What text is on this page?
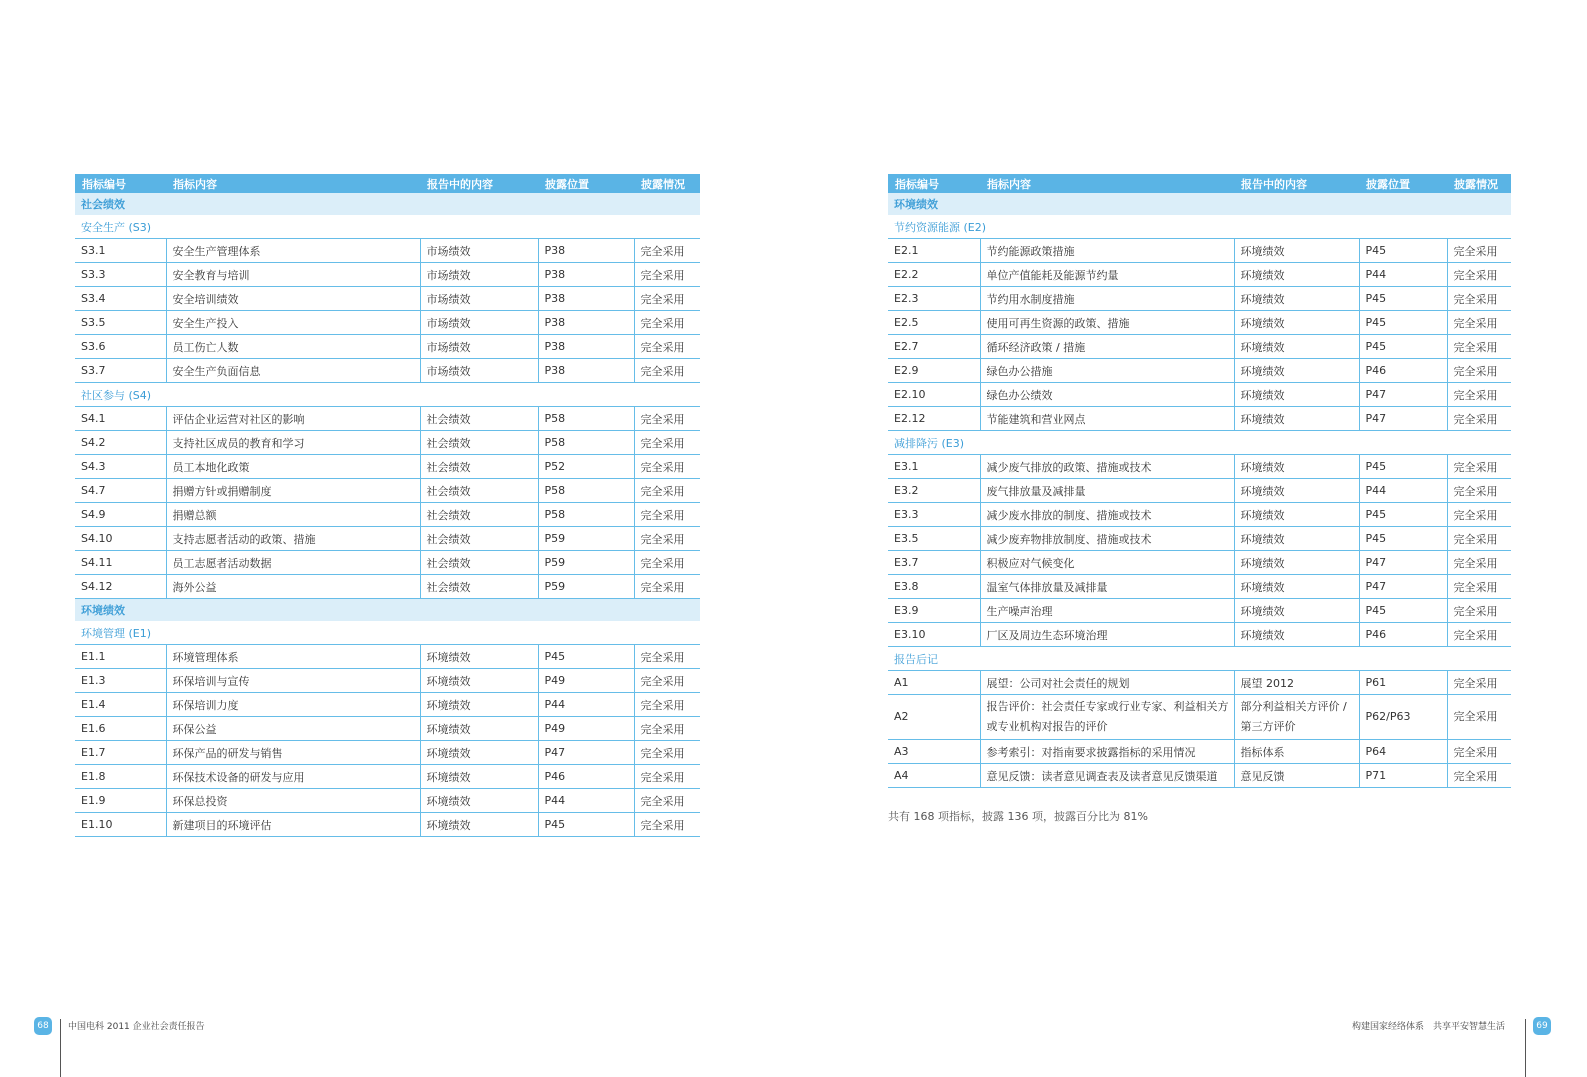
指标编号	指标内容	报告中的内容	披露位置	披露情况
社会绩效				
安全生产 (S3)				
S3.1	安全生产管理体系	市场绩效	P38	完全采用
S3.3	安全教育与培训	市场绩效	P38	完全采用
S3.4	安全培训绩效	市场绩效	P38	完全采用
S3.5	安全生产投入	市场绩效	P38	完全采用
S3.6	员工伤亡人数	市场绩效	P38	完全采用
S3.7	安全生产负面信息	市场绩效	P38	完全采用
社区参与 (S4)				
S4.1	评估企业运营对社区的影响	社会绩效	P58	完全采用
S4.2	支持社区成员的教育和学习	社会绩效	P58	完全采用
S4.3	员工本地化政策	社会绩效	P52	完全采用
S4.7	捐赠方针或捐赠制度	社会绩效	P58	完全采用
S4.9	捐赠总额	社会绩效	P58	完全采用
S4.10	支持志愿者活动的政策、措施	社会绩效	P59	完全采用
S4.11	员工志愿者活动数据	社会绩效	P59	完全采用
S4.12	海外公益	社会绩效	P59	完全采用
环境绩效				
环境管理 (E1)				
E1.1	环境管理体系	环境绩效	P45	完全采用
E1.3	环保培训与宣传	环境绩效	P49	完全采用
E1.4	环保培训力度	环境绩效	P44	完全采用
E1.6	环保公益	环境绩效	P49	完全采用
E1.7	环保产品的研发与销售	环境绩效	P47	完全采用
E1.8	环保技术设备的研发与应用	环境绩效	P46	完全采用
E1.9	环保总投资	环境绩效	P44	完全采用
E1.10	新建项目的环境评估	环境绩效	P45	完全采用
指标编号	指标内容	报告中的内容	披露位置	披露情况
环境绩效				
节约资源能源 (E2)				
E2.1	节约能源政策措施	环境绩效	P45	完全采用
E2.2	单位产值能耗及能源节约量	环境绩效	P44	完全采用
E2.3	节约用水制度措施	环境绩效	P45	完全采用
E2.5	使用可再生资源的政策、措施	环境绩效	P45	完全采用
E2.7	循环经济政策 / 措施	环境绩效	P45	完全采用
E2.9	绿色办公措施	环境绩效	P46	完全采用
E2.10	绿色办公绩效	环境绩效	P47	完全采用
E2.12	节能建筑和营业网点	环境绩效	P47	完全采用
减排降污 (E3)				
E3.1	减少废气排放的政策、措施或技术	环境绩效	P45	完全采用
E3.2	废气排放量及减排量	环境绩效	P44	完全采用
E3.3	减少废水排放的制度、措施或技术	环境绩效	P45	完全采用
E3.5	减少废弃物排放制度、措施或技术	环境绩效	P45	完全采用
E3.7	积极应对气候变化	环境绩效	P47	完全采用
E3.8	温室气体排放量及减排量	环境绩效	P47	完全采用
E3.9	生产噪声治理	环境绩效	P45	完全采用
E3.10	厂区及周边生态环境治理	环境绩效	P46	完全采用
报告后记				
A1	展望：公司对社会责任的规划	展望 2012	P61	完全采用
A2	报告评价：社会责任专家或行业专家、利益相关方或专业机构对报告的评价	部分利益相关方评价 / 第三方评价	P62/P63	完全采用
A3	参考索引：对指南要求披露指标的采用情况	指标体系	P64	完全采用
A4	意见反馈：读者意见调查表及读者意见反馈渠道	意见反馈	P71	完全采用
共有 168 项指标，披露 136 项，披露百分比为 81%
68	中国电科 2011 企业社会责任报告	构建国家经络体系　共享平安智慧生活	69
